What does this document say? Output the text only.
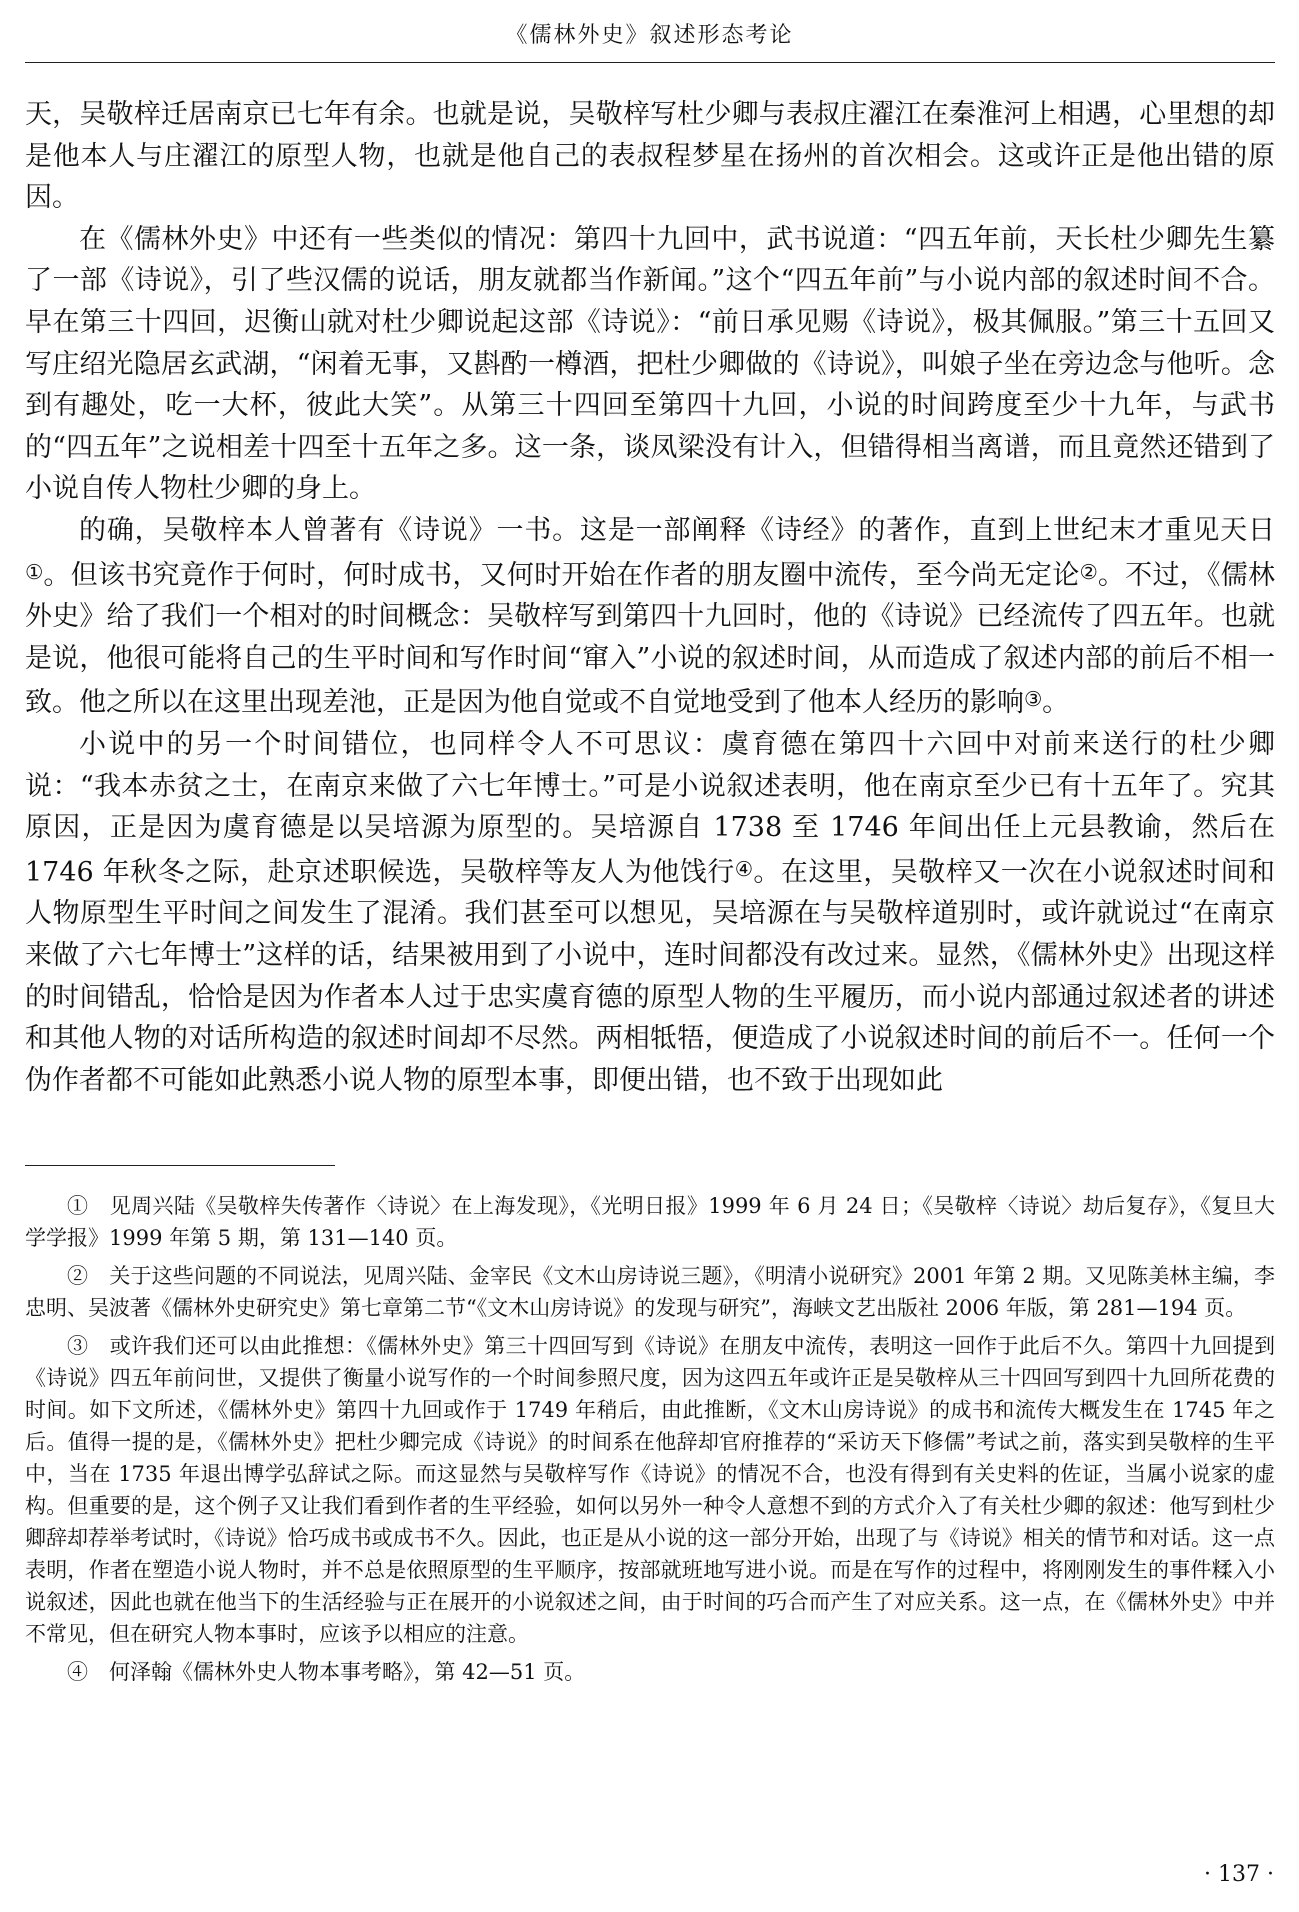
《儒林外史》叙述形态考论

天，吴敬梓迁居南京已七年有余。也就是说，吴敬梓写杜少卿与表叔庄濯江在秦淮河上相遇，心里想的却是他本人与庄濯江的原型人物，也就是他自己的表叔程梦星在扬州的首次相会。这或许正是他出错的原因。

在《儒林外史》中还有一些类似的情况：第四十九回中，武书说道：“四五年前，天长杜少卿先生纂了一部《诗说》，引了些汉儒的说话，朋友就都当作新闻。”这个“四五年前”与小说内部的叙述时间不合。早在第三十四回，迟衡山就对杜少卿说起这部《诗说》：“前日承见赐《诗说》，极其佩服。”第三十五回又写庄绍光隐居玄武湖，“闲着无事，又斟酌一樽酒，把杜少卿做的《诗说》，叫娘子坐在旁边念与他听。念到有趣处，吃一大杯，彼此大笑”。从第三十四回至第四十九回，小说的时间跨度至少十九年，与武书的“四五年”之说相差十四至十五年之多。这一条，谈凤梁没有计入，但错得相当离谱，而且竟然还错到了小说自传人物杜少卿的身上。

的确，吴敬梓本人曾著有《诗说》一书。这是一部阐释《诗经》的著作，直到上世纪末才重见天日①。但该书究竟作于何时，何时成书，又何时开始在作者的朋友圈中流传，至今尚无定论②。不过，《儒林外史》给了我们一个相对的时间概念：吴敬梓写到第四十九回时，他的《诗说》已经流传了四五年。也就是说，他很可能将自己的生平时间和写作时间“窜入”小说的叙述时间，从而造成了叙述内部的前后不相一致。他之所以在这里出现差池，正是因为他自觉或不自觉地受到了他本人经历的影响③。

小说中的另一个时间错位，也同样令人不可思议：虞育德在第四十六回中对前来送行的杜少卿说：“我本赤贫之士，在南京来做了六七年博士。”可是小说叙述表明，他在南京至少已有十五年了。究其原因，正是因为虞育德是以吴培源为原型的。吴培源自 1738 至 1746 年间出任上元县教谕，然后在 1746 年秋冬之际，赴京述职候选，吴敬梓等友人为他饯行④。在这里，吴敬梓又一次在小说叙述时间和人物原型生平时间之间发生了混淆。我们甚至可以想见，吴培源在与吴敬梓道别时，或许就说过“在南京来做了六七年博士”这样的话，结果被用到了小说中，连时间都没有改过来。显然，《儒林外史》出现这样的时间错乱，恰恰是因为作者本人过于忠实虞育德的原型人物的生平履历，而小说内部通过叙述者的讲述和其他人物的对话所构造的叙述时间却不尽然。两相牴牾，便造成了小说叙述时间的前后不一。任何一个伪作者都不可能如此熟悉小说人物的原型本事，即便出错，也不致于出现如此

①　 见周兴陆《吴敬梓失传著作〈诗说〉在上海发现》，《光明日报》1999 年 6 月 24 日；《吴敬梓〈诗说〉劫后复存》，《复旦大学学报》1999 年第 5 期，第 131—140 页。

②　 关于这些问题的不同说法，见周兴陆、金宰民《文木山房诗说三题》，《明清小说研究》2001 年第 2 期。又见陈美林主编，李忠明、吴波著《儒林外史研究史》第七章第二节“《文木山房诗说》的发现与研究”，海峡文艺出版社 2006 年版，第 281—194 页。

③　 或许我们还可以由此推想：《儒林外史》第三十四回写到《诗说》在朋友中流传，表明这一回作于此后不久。第四十九回提到《诗说》四五年前问世，又提供了衡量小说写作的一个时间参照尺度，因为这四五年或许正是吴敬梓从三十四回写到四十九回所花费的时间。如下文所述，《儒林外史》第四十九回或作于 1749 年稍后，由此推断，《文木山房诗说》的成书和流传大概发生在 1745 年之后。值得一提的是，《儒林外史》把杜少卿完成《诗说》的时间系在他辞却官府推荐的“采访天下修儒”考试之前，落实到吴敬梓的生平中，当在 1735 年退出博学弘辞试之际。而这显然与吴敬梓写作《诗说》的情况不合，也没有得到有关史料的佐证，当属小说家的虚构。但重要的是，这个例子又让我们看到作者的生平经验，如何以另外一种令人意想不到的方式介入了有关杜少卿的叙述：他写到杜少卿辞却荐举考试时，《诗说》恰巧成书或成书不久。因此，也正是从小说的这一部分开始，出现了与《诗说》相关的情节和对话。这一点表明，作者在塑造小说人物时，并不总是依照原型的生平顺序，按部就班地写进小说。而是在写作的过程中，将刚刚发生的事件糅入小说叙述，因此也就在他当下的生活经验与正在展开的小说叙述之间，由于时间的巧合而产生了对应关系。这一点，在《儒林外史》中并不常见，但在研究人物本事时，应该予以相应的注意。

④　 何泽翰《儒林外史人物本事考略》，第 42—51 页。

· 137 ·
